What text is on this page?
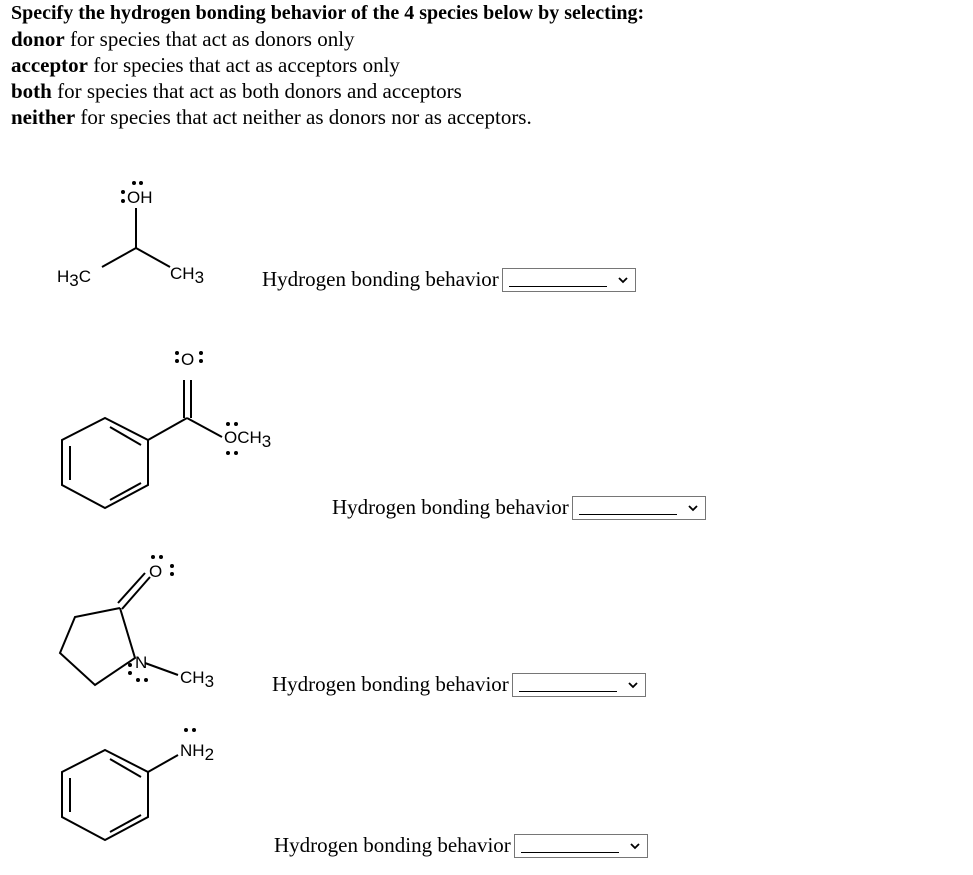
Specify the hydrogen bonding behavior of the 4 species below by selecting:
donor for species that act as donors only
acceptor for species that act as acceptors only
both for species that act as both donors and acceptors
neither for species that act neither as donors nor as acceptors.
OH
H3C	CH3	Hydrogen bonding behavior
O
OCH3
Hydrogen bonding behavior
O
N
CH3	Hydrogen bonding behavior
NH2
Hydrogen bonding behavior
